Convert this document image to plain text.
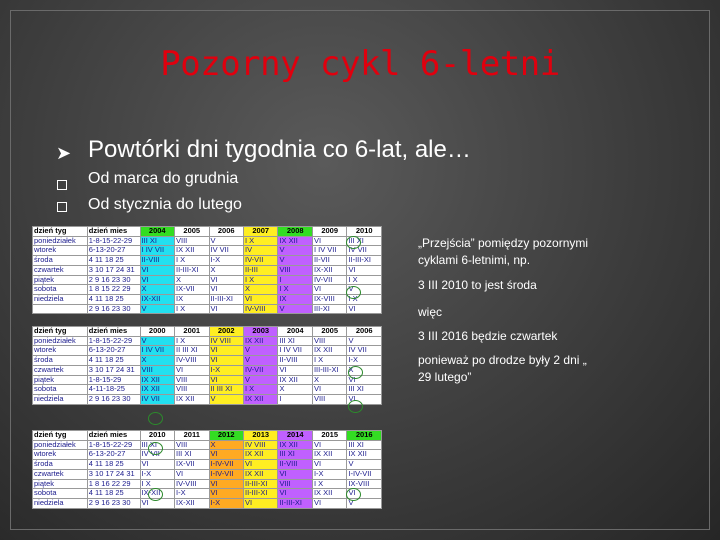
Pozorny cykl 6-letni
➤ Powtórki dni tygodnia co 6-lat, ale…
Od marca do grudnia
Od stycznia do lutego
„Przejścia” pomiędzy pozornymi cyklami 6-letnimi, np.
3 III 2010 to jest środa
więc
3 III 2016 będzie czwartek
ponieważ po drodze były 2 dni „ 29 lutego”
dzień tyg	dzień mies	2004	2005	2006	2007	2008	2009	2010
poniedziałek	1-8-15-22-29	III XI	VIII	V	I X	IX XII	VI	III XI
wtorek	6-13-20-27	I IV VII	IX XII	IV VII	IV	V	I IV VII	IV VII
środa	4 11 18 25	II-VIII	I X	I-X	IV-VII	V	II-VII	II-III-XI
czwartek	3 10 17 24 31	VI	II-III-XI	X	II-III	VIII	IX-XII	VI
piątek	2 9 16 23 30	VI	X	VI	I X	I	IV-VII	I X
sobota	1 8 15 22 29	X	IX-VII	VI	X	I X	VI	V
niedziela	4 11 18 25	IX-XII	IX	II-III-XI	VI	IX	IX-VIII	I X
	2 9 16 23 30	V	I X	VI	IV-VIII	V	III-XI	VI
dzień tyg	dzień mies	2000	2001	2002	2003	2004	2005	2006
poniedziałek	1-8-15-22-29	V	I X	IV VIII	IX XII	III XI	VIII	V
wtorek	6-13-20-27	I IV VII	II III XI	VI	V	I IV VII	IX XII	IV VII
środa	4 11 18 25	X	IV-VIII	VI	V	II-VIII	I X	I-X
czwartek	3 10 17 24 31	VIII	VI	I-X	IV-VII	VI	III-III-XI	X
piątek	1-8-15-29	IX XII	VIII	VI	V	IX XII	X	VI
sobota	4-11-18-25	IX XII	VIII	II III XI	I X	X	VI	III XI
niedziela	2 9 16 23 30	IV VII	IX XII	V	IX XII	I	VIII	VI
dzień tyg	dzień mies	2010	2011	2012	2013	2014	2015	2016
poniedziałek	1-8-15-22-29	III XI	VIII	X	IV VIII	IX XII	VI	III XI
wtorek	6-13-20-27	IV VII	III XI	VI	IX XII	III XI	IX XII	IX XII
środa	4 11 18 25	VI	IX-VII	I-IV-VII	VI	II-VIII	VI	V
czwartek	3 10 17 24 31	I-X	VI	I-IV-VII	IX XII	VI	I-X	I-IV-VII
piątek	1 8 16 22 29	I X	IV-VIII	VI	II-III-XI	VIII	I X	IX-VIII
sobota	4 11 18 25	IX-XII	I-X	VI	II-III-XI	VI	IX XII	VI
niedziela	2 9 16 23 30	VI	IX-XII	I-X	VI	II-III-XI	VI	V
